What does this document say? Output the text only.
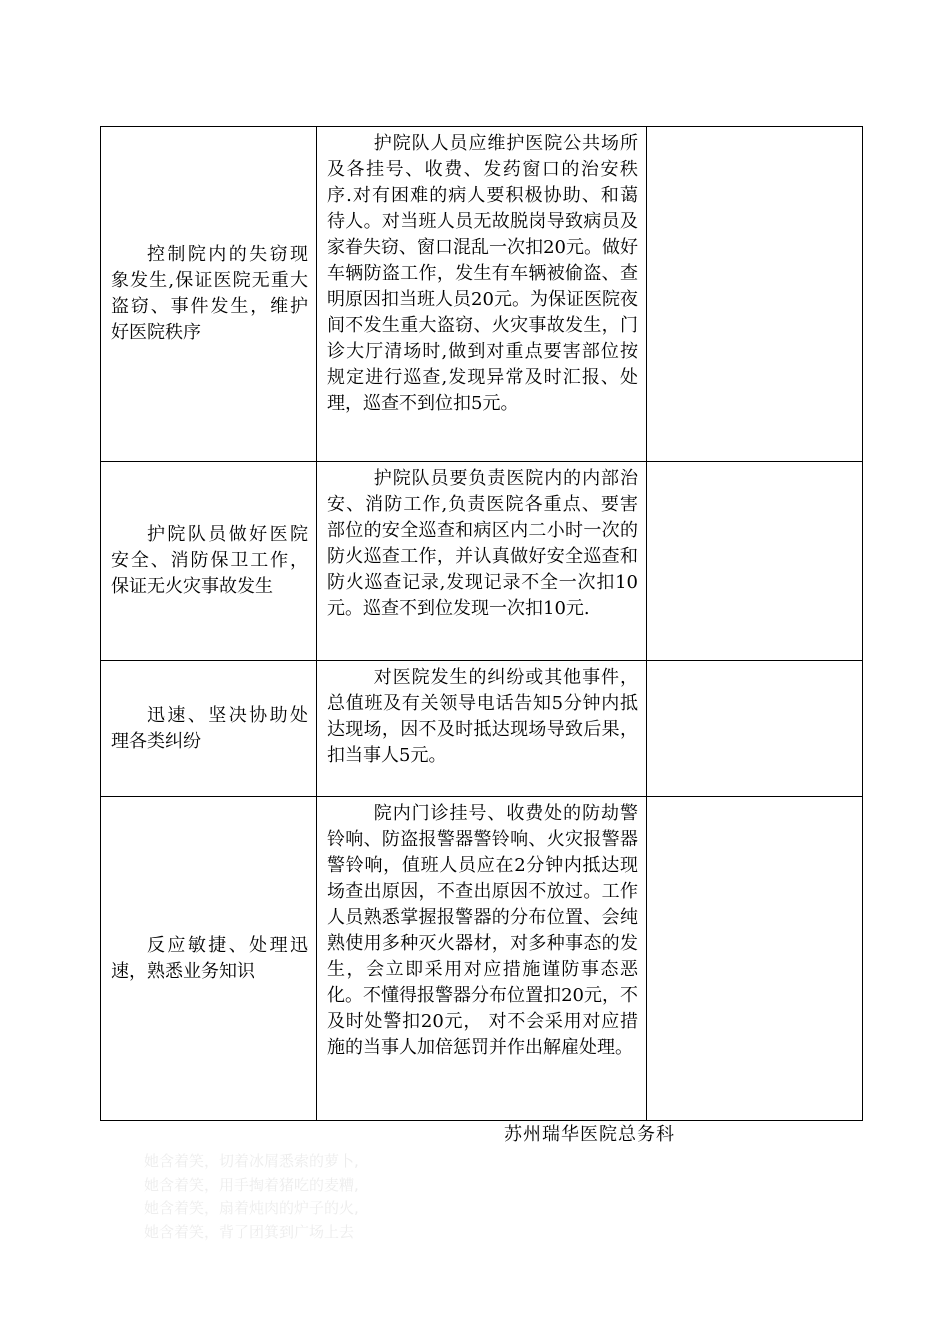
控制院内的失窃现象发生,保证医院无重大盗窃、事件发生，维护好医院秩序	护院队人员应维护医院公共场所及各挂号、收费、发药窗口的治安秩序.对有困难的病人要积极协助、和蔼待人。对当班人员无故脱岗导致病员及家眷失窃、窗口混乱一次扣20元。做好车辆防盗工作，发生有车辆被偷盗、查明原因扣当班人员20元。为保证医院夜间不发生重大盗窃、火灾事故发生，门诊大厅清场时,做到对重点要害部位按规定进行巡查,发现异常及时汇报、处理，巡查不到位扣5元。	
护院队员做好医院安全、消防保卫工作，保证无火灾事故发生	护院队员要负责医院内的内部治安、消防工作,负责医院各重点、要害部位的安全巡查和病区内二小时一次的防火巡查工作，并认真做好安全巡查和防火巡查记录,发现记录不全一次扣10元。巡查不到位发现一次扣10元.	
迅速、坚决协助处理各类纠纷	对医院发生的纠纷或其他事件，总值班及有关领导电话告知5分钟内抵达现场，因不及时抵达现场导致后果，扣当事人5元。	
反应敏捷、处理迅速，熟悉业务知识	院内门诊挂号、收费处的防劫警铃响、防盗报警器警铃响、火灾报警器警铃响，值班人员应在2分钟内抵达现场查出原因，不查出原因不放过。工作人员熟悉掌握报警器的分布位置、会纯熟使用多种灭火器材，对多种事态的发生，会立即采用对应措施谨防事态恶化。不懂得报警器分布位置扣20元，不及时处警扣20元， 对不会采用对应措施的当事人加倍惩罚并作出解雇处理。	
苏州瑞华医院总务科
她含着笑，切着冰屑悉索的萝卜,
她含着笑，用手掏着猪吃的麦糟,
她含着笑，扇着炖肉的炉子的火,
她含着笑，背了团箕到广场上去
